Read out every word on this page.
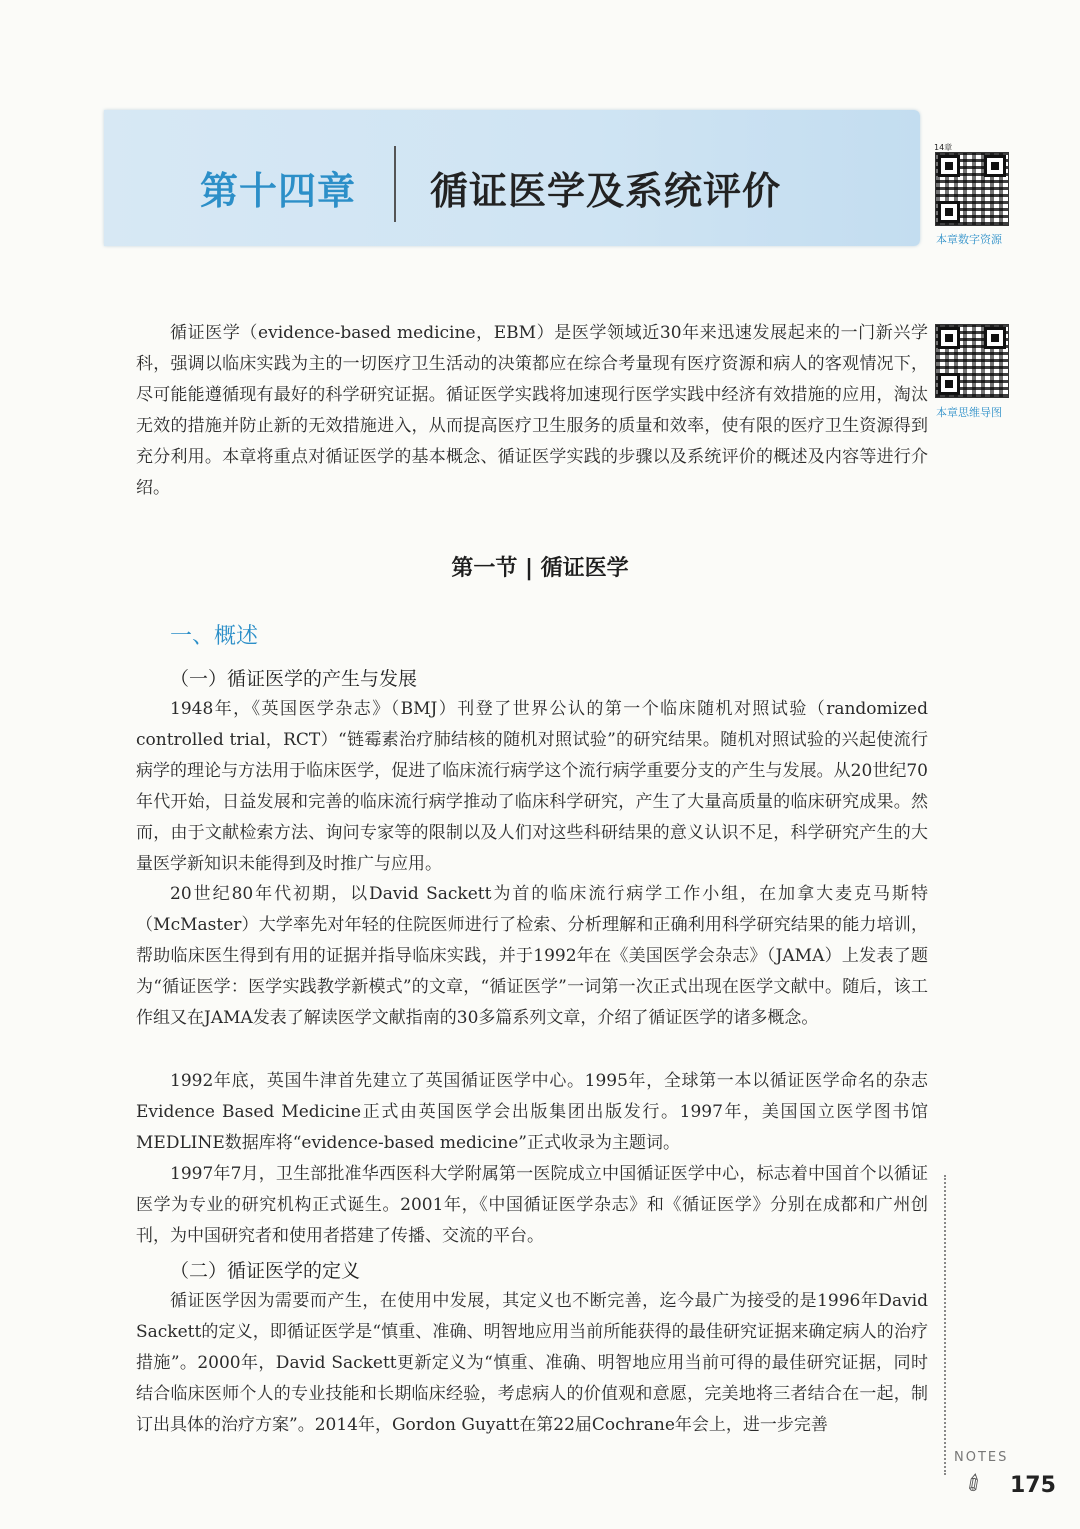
第十四章 循证医学及系统评价
14章
本章数字资源
本章思维导图

循证医学（evidence-based medicine，EBM）是医学领域近30年来迅速发展起来的一门新兴学科，强调以临床实践为主的一切医疗卫生活动的决策都应在综合考量现有医疗资源和病人的客观情况下，尽可能能遵循现有最好的科学研究证据。循证医学实践将加速现行医学实践中经济有效措施的应用，淘汰无效的措施并防止新的无效措施进入，从而提高医疗卫生服务的质量和效率，使有限的医疗卫生资源得到充分利用。本章将重点对循证医学的基本概念、循证医学实践的步骤以及系统评价的概述及内容等进行介绍。

第一节 | 循证医学
一、概述
（一）循证医学的产生与发展

1948年，《英国医学杂志》（BMJ）刊登了世界公认的第一个临床随机对照试验（randomized controlled trial，RCT）“链霉素治疗肺结核的随机对照试验”的研究结果。随机对照试验的兴起使流行病学的理论与方法用于临床医学，促进了临床流行病学这个流行病学重要分支的产生与发展。从20世纪70年代开始，日益发展和完善的临床流行病学推动了临床科学研究，产生了大量高质量的临床研究成果。然而，由于文献检索方法、询问专家等的限制以及人们对这些科研结果的意义认识不足，科学研究产生的大量医学新知识未能得到及时推广与应用。

20世纪80年代初期，以David Sackett为首的临床流行病学工作小组，在加拿大麦克马斯特（McMaster）大学率先对年轻的住院医师进行了检索、分析理解和正确利用科学研究结果的能力培训，帮助临床医生得到有用的证据并指导临床实践，并于1992年在《美国医学会杂志》（JAMA）上发表了题为“循证医学：医学实践教学新模式”的文章，“循证医学”一词第一次正式出现在医学文献中。随后，该工作组又在JAMA发表了解读医学文献指南的30多篇系列文章，介绍了循证医学的诸多概念。

1992年底，英国牛津首先建立了英国循证医学中心。1995年，全球第一本以循证医学命名的杂志Evidence Based Medicine正式由英国医学会出版集团出版发行。1997年，美国国立医学图书馆MEDLINE数据库将“evidence-based medicine”正式收录为主题词。

1997年7月，卫生部批准华西医科大学附属第一医院成立中国循证医学中心，标志着中国首个以循证医学为专业的研究机构正式诞生。2001年，《中国循证医学杂志》和《循证医学》分别在成都和广州创刊，为中国研究者和使用者搭建了传播、交流的平台。

（二）循证医学的定义

循证医学因为需要而产生，在使用中发展，其定义也不断完善，迄今最广为接受的是1996年David Sackett的定义，即循证医学是“慎重、准确、明智地应用当前所能获得的最佳研究证据来确定病人的治疗措施”。2000年，David Sackett更新定义为“慎重、准确、明智地应用当前可得的最佳研究证据，同时结合临床医师个人的专业技能和长期临床经验，考虑病人的价值观和意愿，完美地将三者结合在一起，制订出具体的治疗方案”。2014年，Gordon Guyatt在第22届Cochrane年会上，进一步完善

NOTES
✐ 175
